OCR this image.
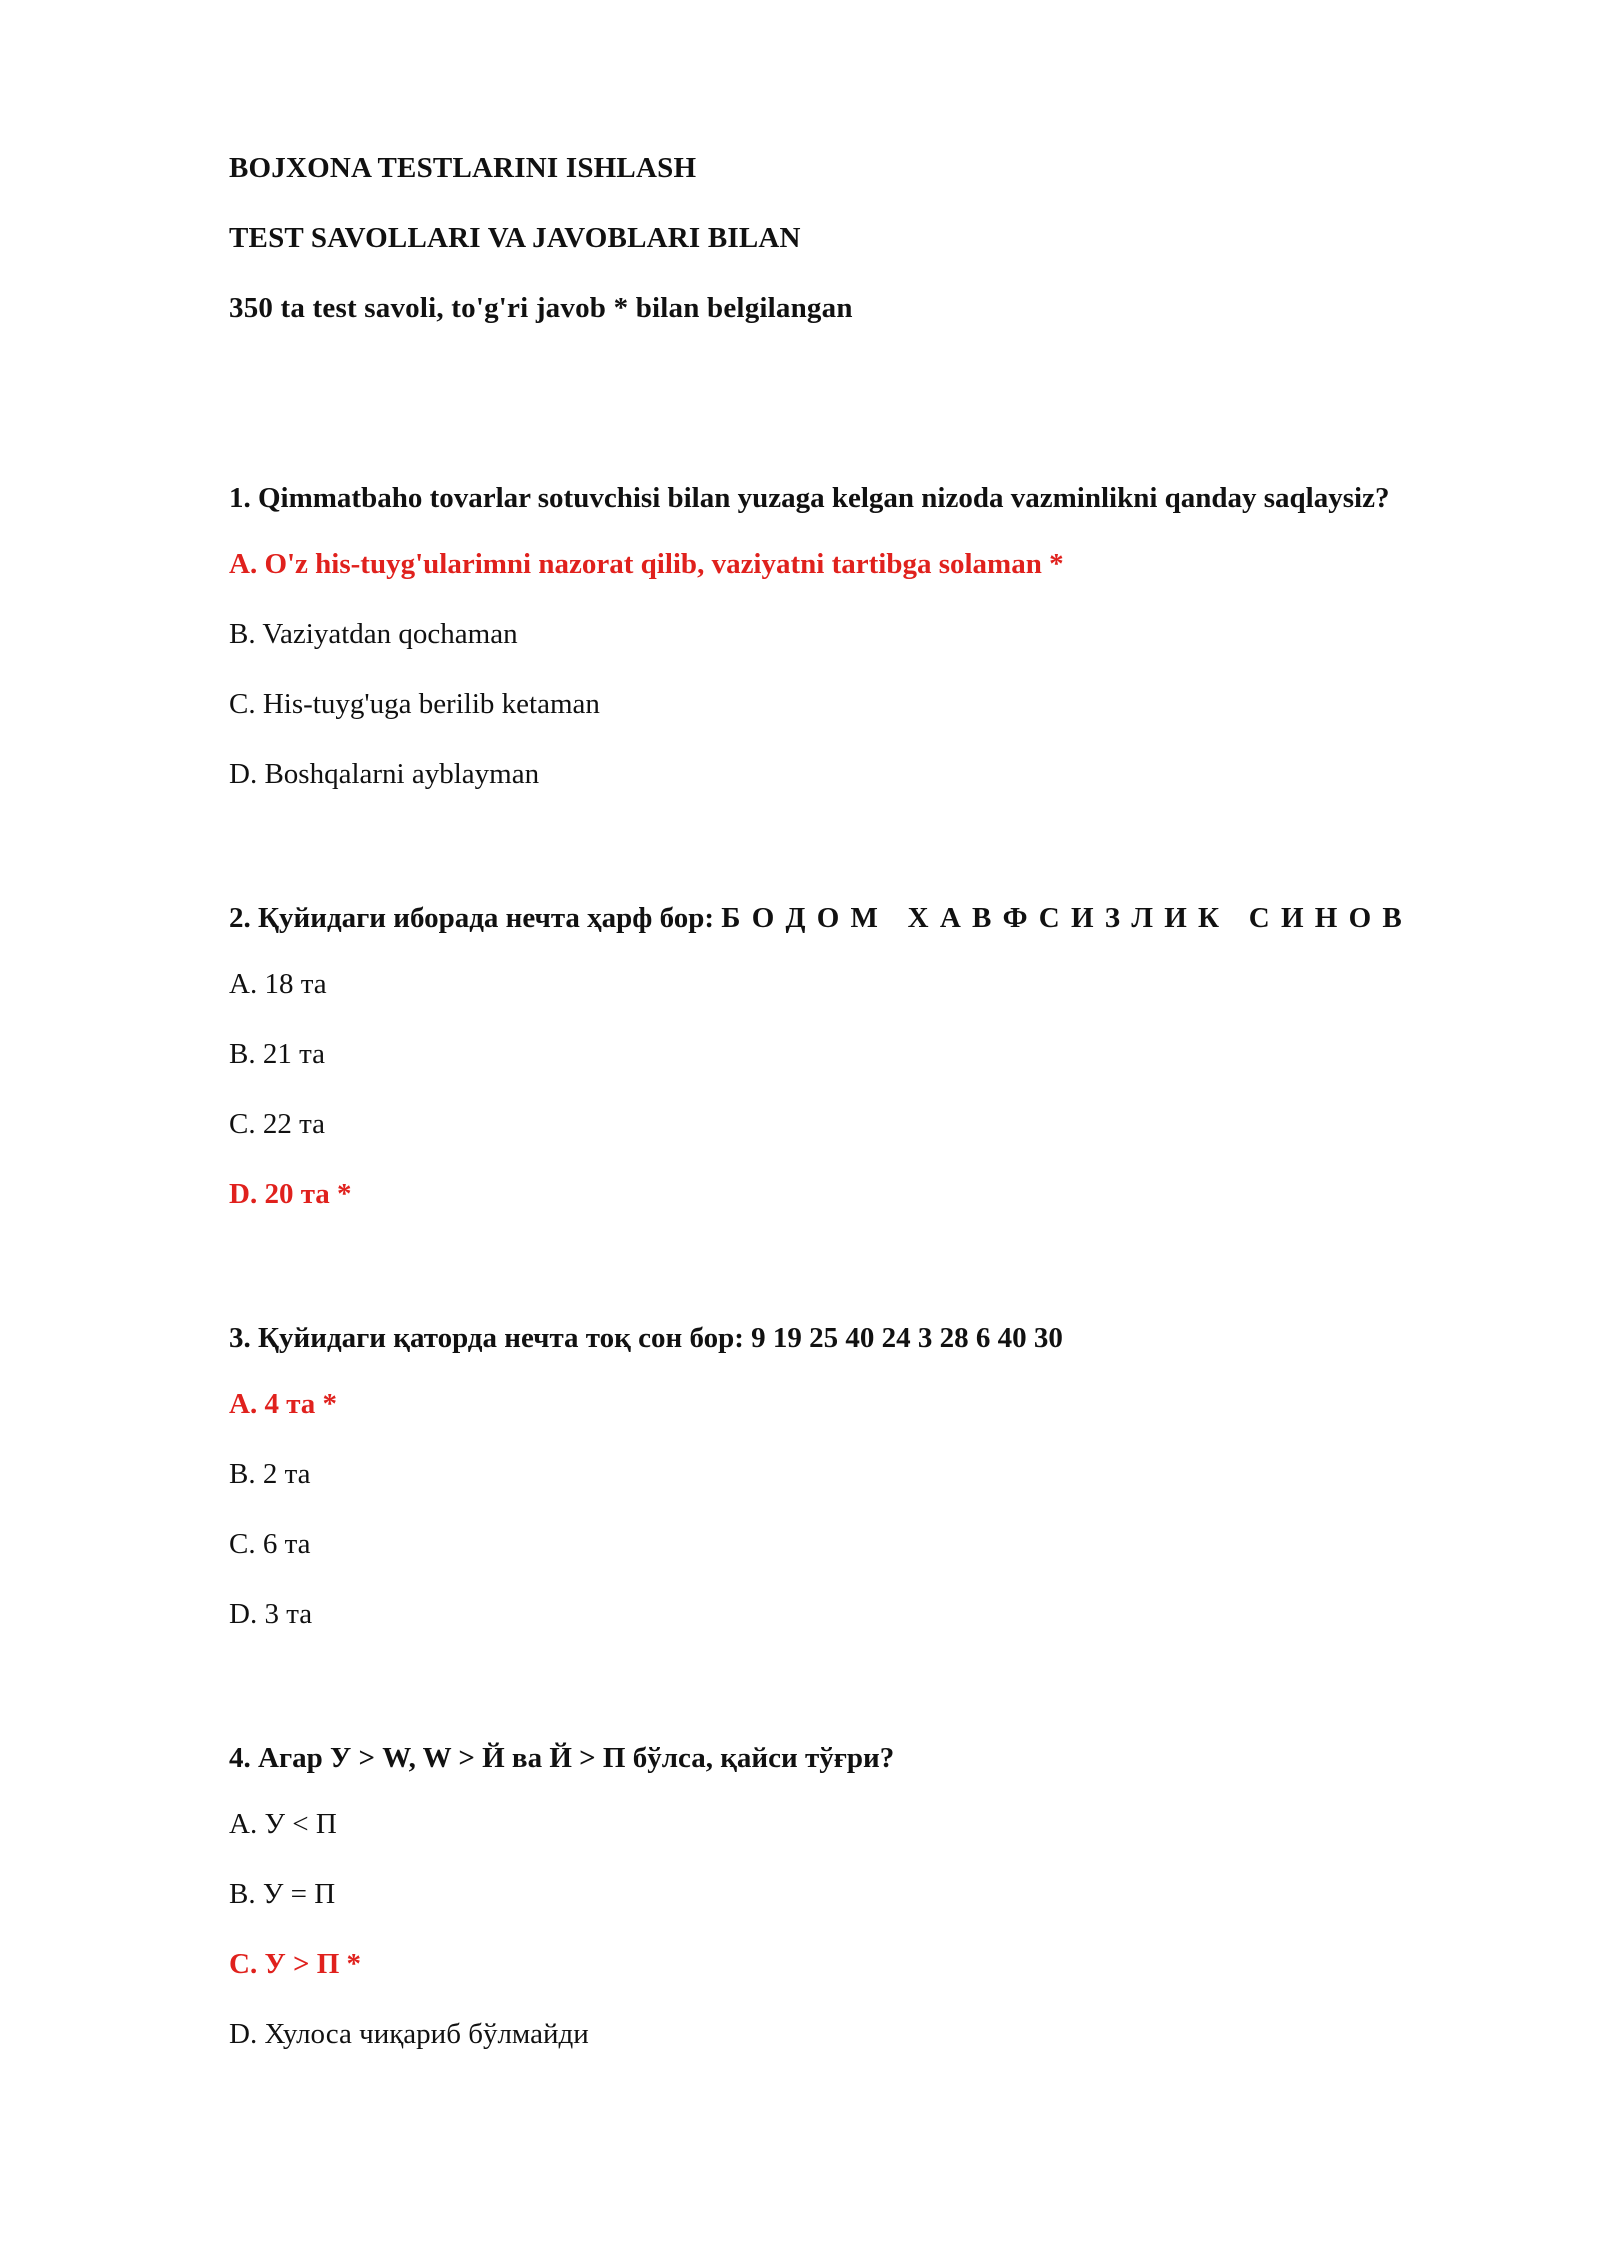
BOJXONA TESTLARINI ISHLASH
TEST SAVOLLARI VA JAVOBLARI BILAN
350 ta test savoli, to'g'ri javob * bilan belgilangan
1. Qimmatbaho tovarlar sotuvchisi bilan yuzaga kelgan nizoda vazminlikni qanday saqlaysiz?
A. O'z his-tuyg'ularimni nazorat qilib, vaziyatni tartibga solaman *
B. Vaziyatdan qochaman
C. His-tuyg'uga berilib ketaman
D. Boshqalarni ayblayman
2. Қуйидаги иборада нечта ҳарф бор: Б О Д О М   Х А В Ф С И З Л И К   С И Н О В
A. 18 та
B. 21 та
C. 22 та
D. 20 та *
3. Қуйидаги қаторда нечта тоқ сон бор: 9 19 25 40 24 3 28 6 40 30
A. 4 та *
B. 2 та
C. 6 та
D. 3 та
4. Агар У > W, W > Й ва Й > П бўлса, қайси тўғри?
A. У < П
B. У = П
C. У > П *
D. Хулоса чиқариб бўлмайди
